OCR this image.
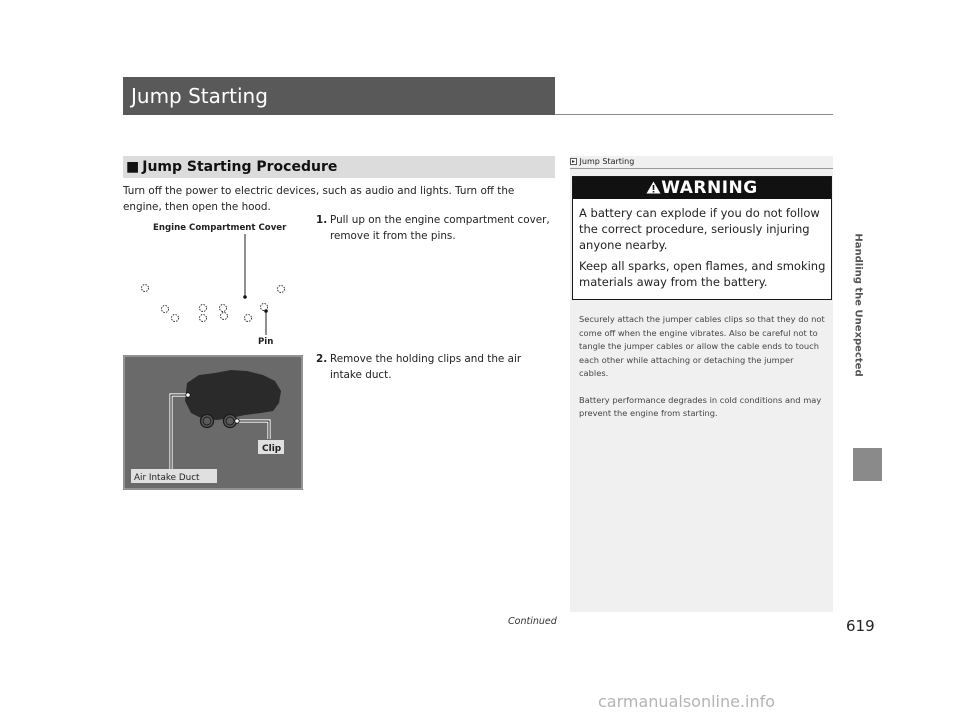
Jump Starting
■ Jump Starting Procedure
Turn off the power to electric devices, such as audio and lights. Turn off the engine, then open the hood.
1. Pull up on the engine compartment cover, remove it from the pins.
2. Remove the holding clips and the air intake duct.
Engine Compartment Cover
Pin
Clip
Air Intake Duct
Jump Starting
WARNING

A battery can explode if you do not follow the correct procedure, seriously injuring anyone nearby.

Keep all sparks, open flames, and smoking materials away from the battery.

Securely attach the jumper cables clips so that they do not come off when the engine vibrates. Also be careful not to tangle the jumper cables or allow the cable ends to touch each other while attaching or detaching the jumper cables.

Battery performance degrades in cold conditions and may prevent the engine from starting.

Handling the Unexpected
Continued	619
carmanualsonline.info
